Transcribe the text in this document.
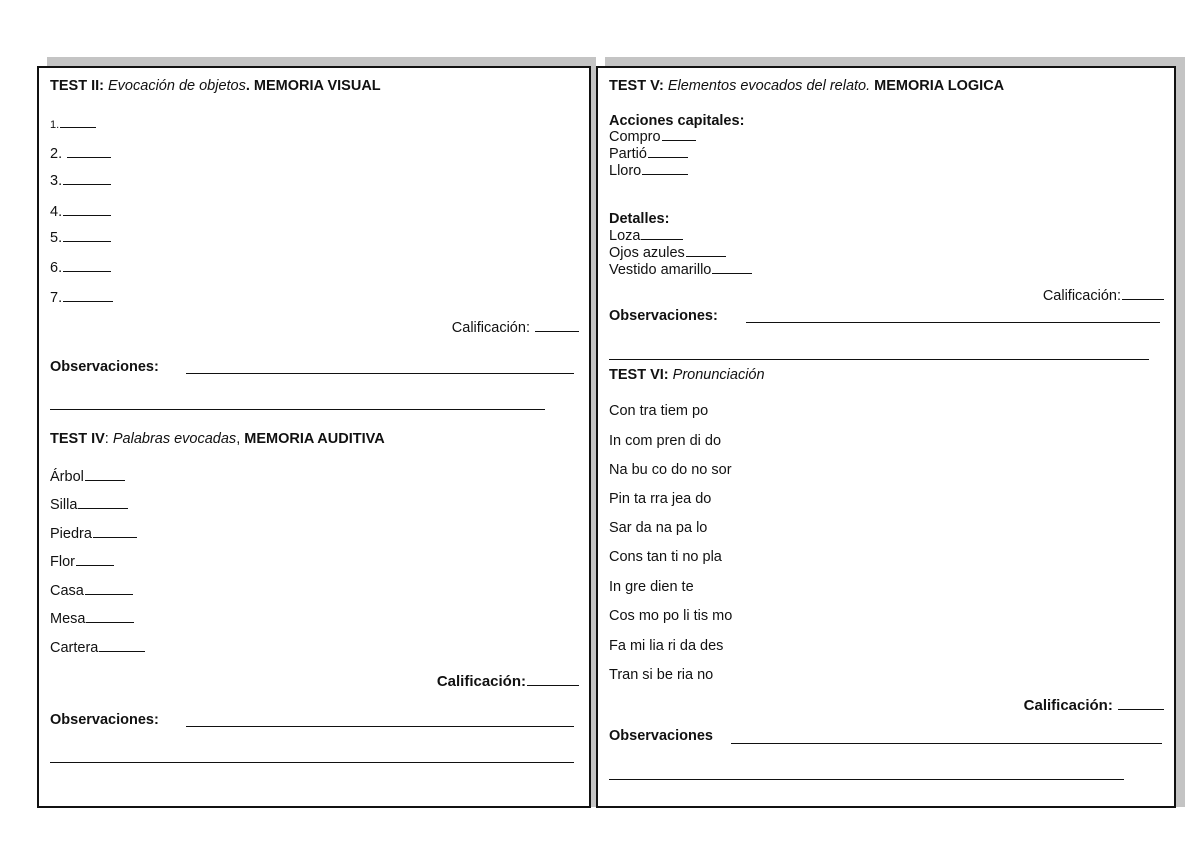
TEST II: Evocación de objetos. MEMORIA VISUAL
1.
2.
3.
4.
5.
6.
7.
Calificación:
Observaciones:
TEST IV: Palabras evocadas, MEMORIA AUDITIVA
Árbol
Silla
Piedra
Flor
Casa
Mesa
Cartera
Calificación:
Observaciones:
TEST V: Elementos evocados del relato. MEMORIA LOGICA
Acciones capitales:
Compro
Partió
Lloro
Detalles:
Loza
Ojos azules
Vestido amarillo
Calificación:
Observaciones:
TEST VI: Pronunciación
Con tra tiem po
In com pren di do
Na bu co do no sor
Pin ta rra jea do
Sar da na pa lo
Cons tan ti no pla
In gre dien te
Cos mo po li tis mo
Fa mi lia ri da des
Tran si be ria no
Calificación:
Observaciones
